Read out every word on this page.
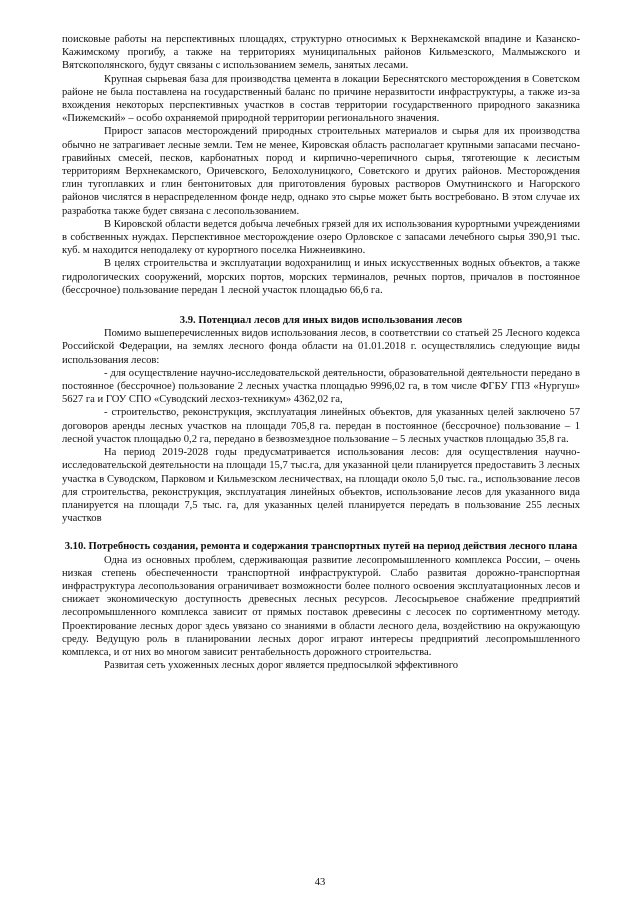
поисковые работы на перспективных площадях, структурно относимых к Верхнекамской впадине и Казанско-Кажимскому прогибу, а также на территориях муниципальных районов Кильмезского, Малмыжского и Вятскополянского, будут связаны с использованием земель, занятых лесами.

Крупная сырьевая база для производства цемента в локации Береснятского месторождения в Советском районе не была поставлена на государственный баланс по причине неразвитости инфраструктуры, а также из-за вхождения некоторых перспективных участков в состав территории государственного природного заказника «Пижемский» – особо охраняемой природной территории регионального значения.

Прирост запасов месторождений природных строительных материалов и сырья для их производства обычно не затрагивает лесные земли. Тем не менее, Кировская область располагает крупными запасами песчано-гравийных смесей, песков, карбонатных пород и кирпично-черепичного сырья, тяготеющие к лесистым территориям Верхнекамского, Оричевского, Белохолуницкого, Советского и других районов. Месторождения глин тугоплавких и глин бентонитовых для приготовления буровых растворов Омутнинского и Нагорского районов числятся в нераспределенном фонде недр, однако это сырье может быть востребовано. В этом случае их разработка также будет связана с лесопользованием.

В Кировской области ведется добыча лечебных грязей для их использования курортными учреждениями в собственных нуждах. Перспективное месторождение озеро Орловское с запасами лечебного сырья 390,91 тыс. куб. м находится неподалеку от курортного поселка Нижнеивкино.

В целях строительства и эксплуатации водохранилищ и иных искусственных водных объектов, а также гидрологических сооружений, морских портов, морских терминалов, речных портов, причалов в постоянное (бессрочное) пользование передан 1 лесной участок площадью 66,6 га.

3.9. Потенциал лесов для иных видов использования лесов

Помимо вышеперечисленных видов использования лесов, в соответствии со статьей 25 Лесного кодекса Российской Федерации, на землях лесного фонда области на 01.01.2018 г. осуществлялись следующие виды использования лесов:

- для осуществление научно-исследовательской деятельности, образовательной деятельности передано в постоянное (бессрочное) пользование 2 лесных участка площадью 9996,02 га, в том числе ФГБУ ГПЗ «Нургуш» 5627 га и ГОУ СПО «Суводский лесхоз-техникум» 4362,02 га,

- строительство, реконструкция, эксплуатация линейных объектов, для указанных целей заключено 57 договоров аренды лесных участков на площади 705,8 га. передан в постоянное (бессрочное) пользование – 1 лесной участок площадью 0,2 га, передано в безвозмездное пользование – 5 лесных участков площадью 35,8 га.

На период 2019-2028 годы предусматривается использования лесов: для осуществления научно-исследовательской деятельности на площади 15,7 тыс.га, для указанной цели планируется предоставить 3 лесных участка в Суводском, Парковом и Кильмезском лесничествах, на площади около 5,0 тыс. га., использование лесов для строительства, реконструкция, эксплуатация линейных объектов, использование лесов для указанного вида планируется на площади 7,5 тыс. га, для указанных целей планируется передать в пользование 255 лесных участков

3.10. Потребность создания, ремонта и содержания транспортных путей на период действия лесного плана

Одна из основных проблем, сдерживающая развитие лесопромышленного комплекса России, – очень низкая степень обеспеченности транспортной инфраструктурой. Слабо развитая дорожно-транспортная инфраструктура лесопользования ограничивает возможности более полного освоения эксплуатационных лесов и снижает экономическую доступность древесных лесных ресурсов. Лесосырьевое снабжение предприятий лесопромышленного комплекса зависит от прямых поставок древесины с лесосек по сортиментному методу. Проектирование лесных дорог здесь увязано со знаниями в области лесного дела, воздействию на окружающую среду. Ведущую роль в планировании лесных дорог играют интересы предприятий лесопромышленного комплекса, и от них во многом зависит рентабельность дорожного строительства.

Развитая сеть ухоженных лесных дорог является предпосылкой эффективного

43
